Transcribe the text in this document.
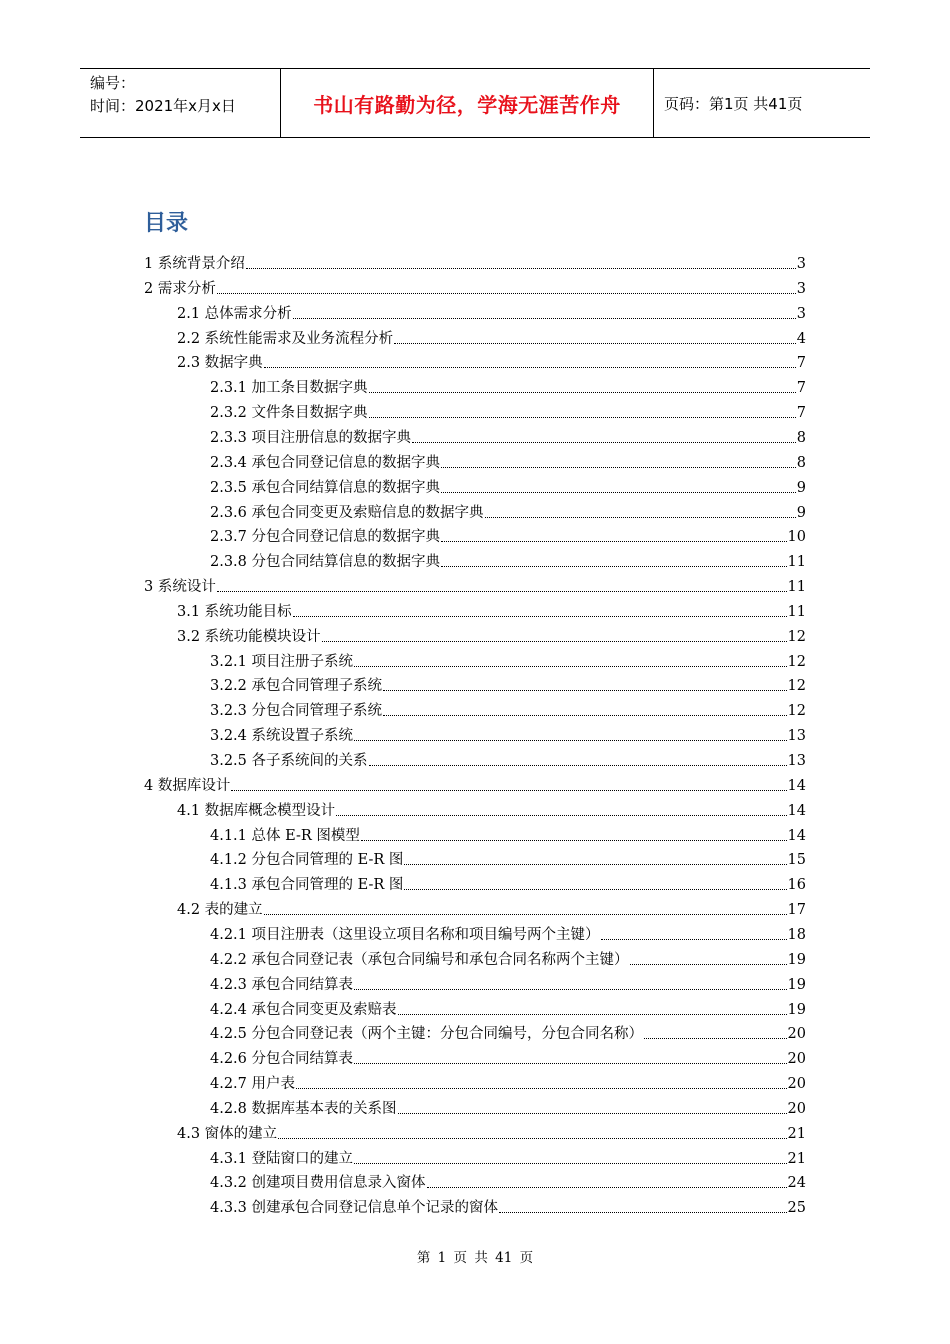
编号：
时间：2021年x月x日	书山有路勤为径，学海无涯苦作舟	页码：第1页 共41页
目录
1 系统背景介绍	3
2 需求分析	3
2.1 总体需求分析	3
2.2 系统性能需求及业务流程分析	4
2.3 数据字典	7
2.3.1 加工条目数据字典	7
2.3.2 文件条目数据字典	7
2.3.3 项目注册信息的数据字典	8
2.3.4 承包合同登记信息的数据字典	8
2.3.5 承包合同结算信息的数据字典	9
2.3.6 承包合同变更及索赔信息的数据字典	9
2.3.7 分包合同登记信息的数据字典	10
2.3.8 分包合同结算信息的数据字典	11
3 系统设计	11
3.1 系统功能目标	11
3.2 系统功能模块设计	12
3.2.1 项目注册子系统	12
3.2.2 承包合同管理子系统	12
3.2.3 分包合同管理子系统	12
3.2.4 系统设置子系统	13
3.2.5 各子系统间的关系	13
4 数据库设计	14
4.1 数据库概念模型设计	14
4.1.1 总体 E-R 图模型	14
4.1.2 分包合同管理的 E-R 图	15
4.1.3 承包合同管理的 E-R 图	16
4.2 表的建立	17
4.2.1 项目注册表（这里设立项目名称和项目编号两个主键）	18
4.2.2 承包合同登记表（承包合同编号和承包合同名称两个主键）	19
4.2.3 承包合同结算表	19
4.2.4 承包合同变更及索赔表	19
4.2.5 分包合同登记表（两个主键：分包合同编号，分包合同名称）	20
4.2.6 分包合同结算表	20
4.2.7 用户表	20
4.2.8 数据库基本表的关系图	20
4.3 窗体的建立	21
4.3.1 登陆窗口的建立	21
4.3.2 创建项目费用信息录入窗体	24
4.3.3 创建承包合同登记信息单个记录的窗体	25
第 1 页 共 41 页
